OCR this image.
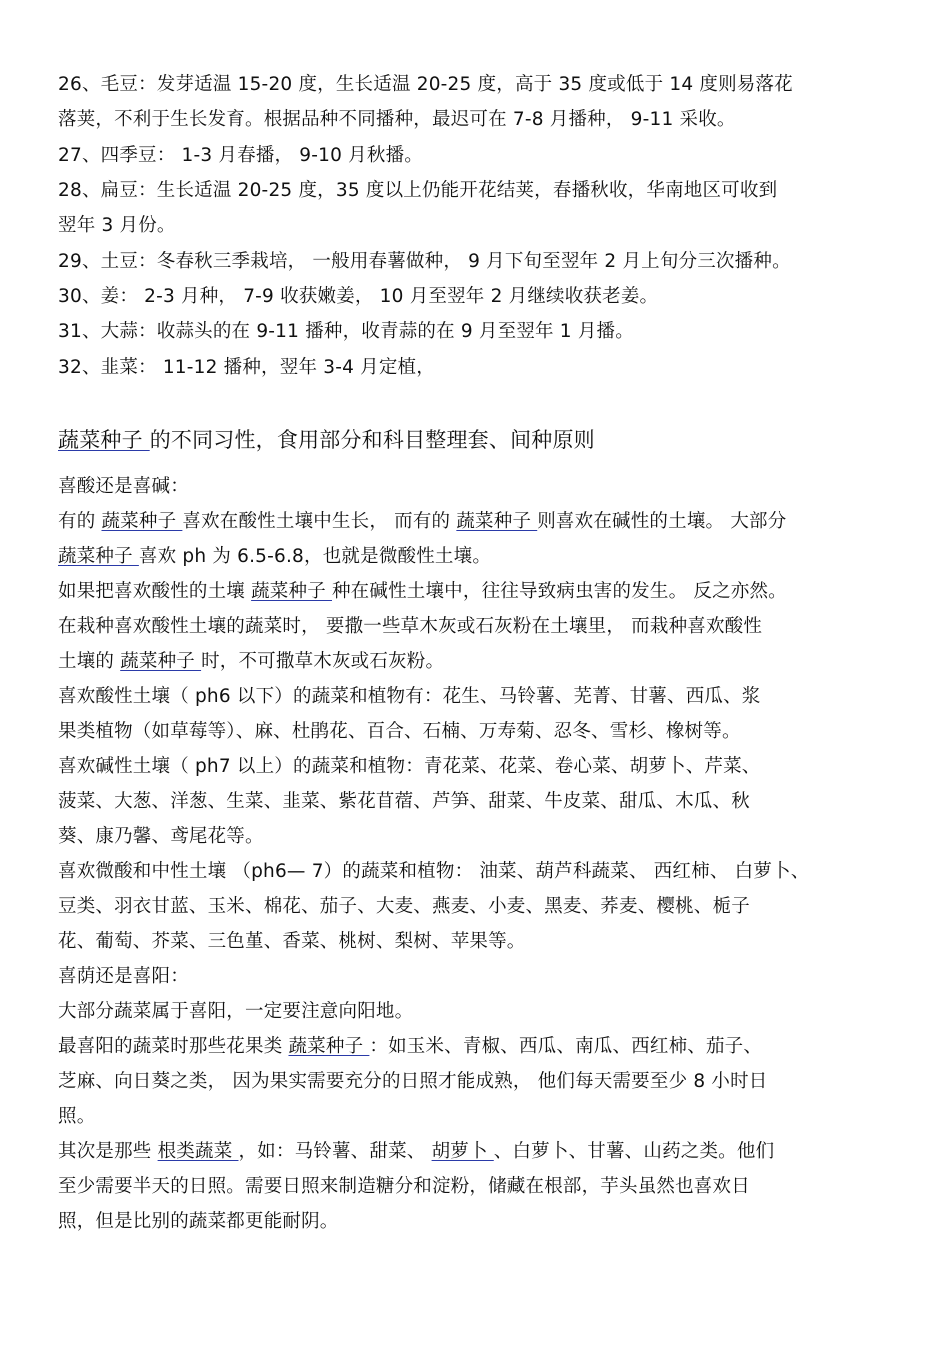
26、毛豆：发芽适温 15-20 度，生长适温 20-25 度，高于 35 度或低于 14 度则易落花
落荚，不利于生长发育。根据品种不同播种，最迟可在 7-8 月播种， 9-11 采收。
27、四季豆： 1-3 月春播， 9-10 月秋播。
28、扁豆：生长适温 20-25 度，35 度以上仍能开花结荚，春播秋收，华南地区可收到
翌年 3 月份。
29、土豆：冬春秋三季栽培， 一般用春薯做种， 9 月下旬至翌年 2 月上旬分三次播种。
30、姜： 2-3 月种， 7-9 收获嫩姜， 10 月至翌年 2 月继续收获老姜。
31、大蒜：收蒜头的在 9-11 播种，收青蒜的在 9 月至翌年 1 月播。
32、韭菜： 11-12 播种，翌年 3-4 月定植，
蔬菜种子 的不同习性，食用部分和科目整理套、间种原则
喜酸还是喜碱：
有的 蔬菜种子 喜欢在酸性土壤中生长， 而有的 蔬菜种子 则喜欢在碱性的土壤。 大部分
蔬菜种子 喜欢 ph 为 6.5-6.8，也就是微酸性土壤。
如果把喜欢酸性的土壤 蔬菜种子 种在碱性土壤中，往往导致病虫害的发生。 反之亦然。
在栽种喜欢酸性土壤的蔬菜时， 要撒一些草木灰或石灰粉在土壤里， 而栽种喜欢酸性
土壤的 蔬菜种子 时，不可撒草木灰或石灰粉。
喜欢酸性土壤（ ph6 以下）的蔬菜和植物有：花生、马铃薯、芜菁、甘薯、西瓜、浆
果类植物（如草莓等）、麻、杜鹃花、百合、石楠、万寿菊、忍冬、雪杉、橡树等。
喜欢碱性土壤（ ph7 以上）的蔬菜和植物：青花菜、花菜、卷心菜、胡萝卜、芹菜、
菠菜、大葱、洋葱、生菜、韭菜、紫花苜蓿、芦笋、甜菜、牛皮菜、甜瓜、木瓜、秋
葵、康乃馨、鸢尾花等。
喜欢微酸和中性土壤 （ph6— 7）的蔬菜和植物： 油菜、葫芦科蔬菜、 西红柿、 白萝卜、
豆类、羽衣甘蓝、玉米、棉花、茄子、大麦、燕麦、小麦、黑麦、荞麦、樱桃、栀子
花、葡萄、芥菜、三色堇、香菜、桃树、梨树、苹果等。
喜荫还是喜阳：
大部分蔬菜属于喜阳，一定要注意向阳地。
最喜阳的蔬菜时那些花果类 蔬菜种子 ：如玉米、青椒、西瓜、南瓜、西红柿、茄子、
芝麻、向日葵之类， 因为果实需要充分的日照才能成熟， 他们每天需要至少 8 小时日
照。
其次是那些 根类蔬菜 ，如：马铃薯、甜菜、 胡萝卜 、白萝卜、甘薯、山药之类。他们
至少需要半天的日照。需要日照来制造糖分和淀粉，储藏在根部，芋头虽然也喜欢日
照，但是比别的蔬菜都更能耐阴。
